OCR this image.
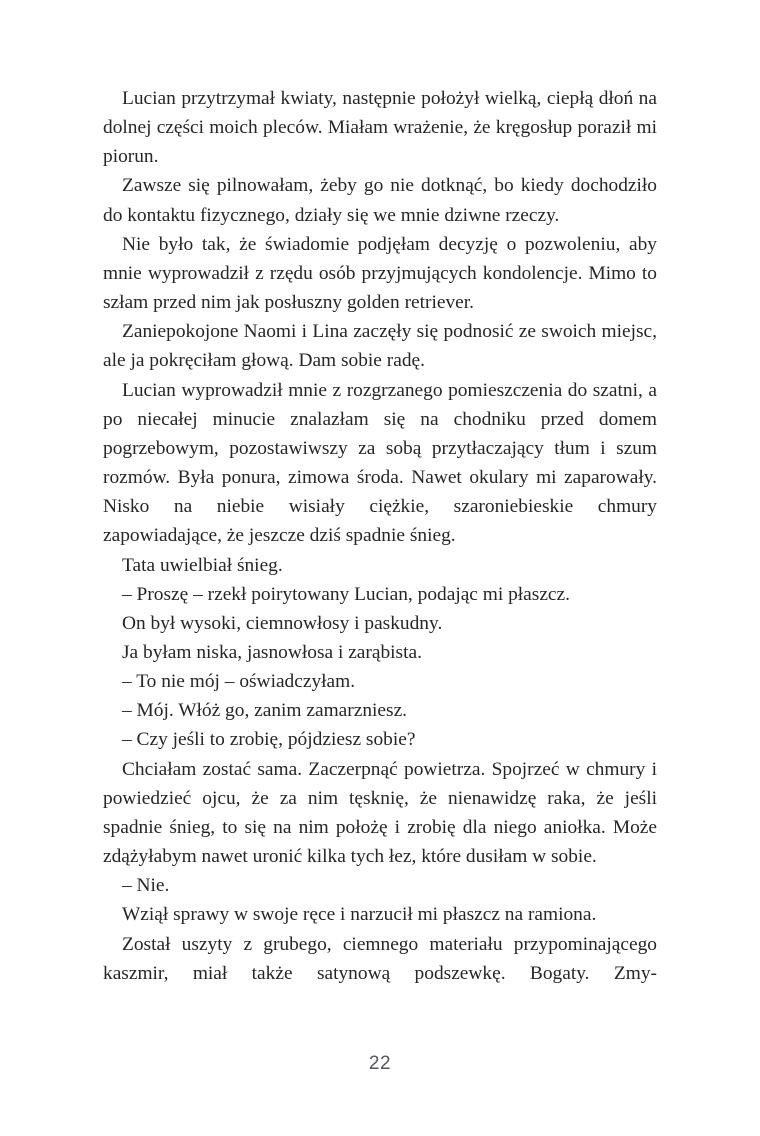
Lucian przytrzymał kwiaty, następnie położył wielką, ciepłą dłoń na dolnej części moich pleców. Miałam wrażenie, że kręgosłup poraził mi piorun.

Zawsze się pilnowałam, żeby go nie dotknąć, bo kiedy dochodziło do kontaktu fizycznego, działy się we mnie dziwne rzeczy.

Nie było tak, że świadomie podjęłam decyzję o pozwoleniu, aby mnie wyprowadził z rzędu osób przyjmujących kondolencje. Mimo to szłam przed nim jak posłuszny golden retriever.

Zaniepokojone Naomi i Lina zaczęły się podnosić ze swoich miejsc, ale ja pokręciłam głową. Dam sobie radę.

Lucian wyprowadził mnie z rozgrzanego pomieszczenia do szatni, a po niecałej minucie znalazłam się na chodniku przed domem pogrzebowym, pozostawiwszy za sobą przytłaczający tłum i szum rozmów. Była ponura, zimowa środa. Nawet okulary mi zaparowały. Nisko na niebie wisiały ciężkie, szaroniebieskie chmury zapowiadające, że jeszcze dziś spadnie śnieg.

Tata uwielbiał śnieg.

– Proszę – rzekł poirytowany Lucian, podając mi płaszcz.

On był wysoki, ciemnowłosy i paskudny.

Ja byłam niska, jasnowłosa i zarąbista.

– To nie mój – oświadczyłam.

– Mój. Włóż go, zanim zamarzniesz.

– Czy jeśli to zrobię, pójdziesz sobie?

Chciałam zostać sama. Zaczerpnąć powietrza. Spojrzeć w chmury i powiedzieć ojcu, że za nim tęsknię, że nienawidzę raka, że jeśli spadnie śnieg, to się na nim położę i zrobię dla niego aniołka. Może zdążyłabym nawet uronić kilka tych łez, które dusiłam w sobie.

– Nie.

Wziął sprawy w swoje ręce i narzucił mi płaszcz na ramiona.

Został uszyty z grubego, ciemnego materiału przypominającego kaszmir, miał także satynową podszewkę. Bogaty. Zmy-

22
